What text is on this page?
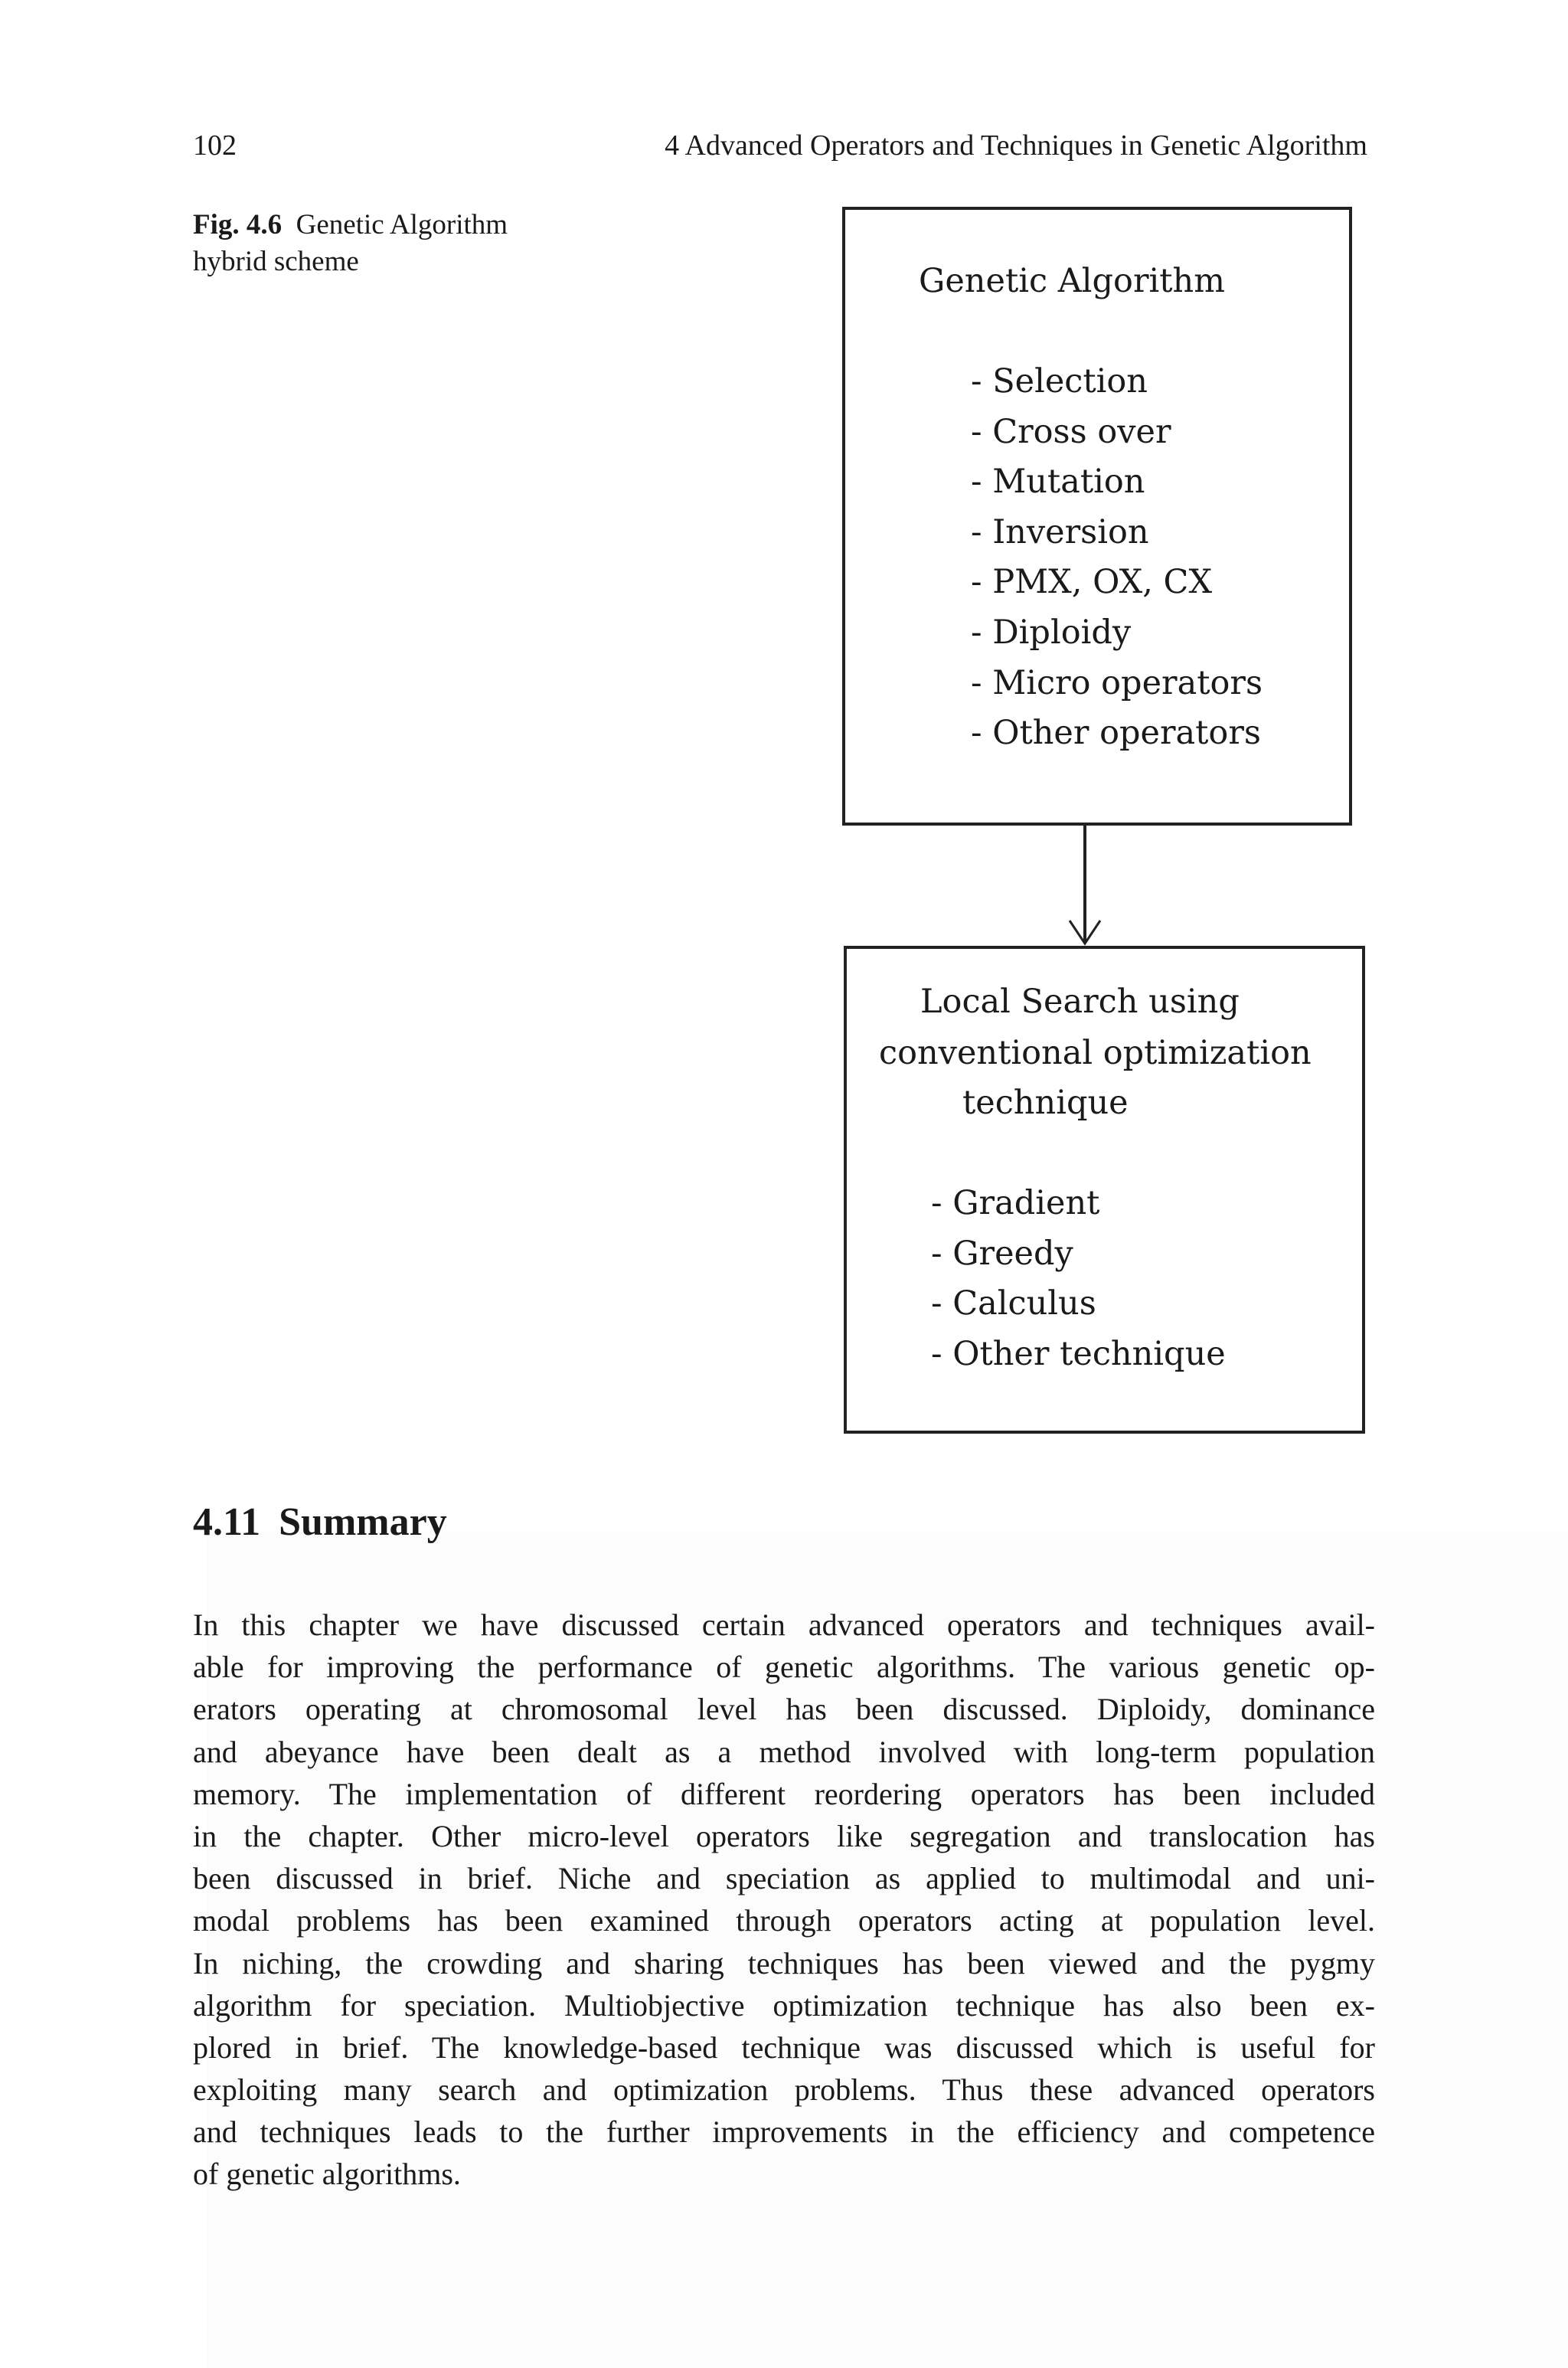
102	4 Advanced Operators and Techniques in Genetic Algorithm
Fig. 4.6 Genetic Algorithm
hybrid scheme
Genetic Algorithm
- Selection
- Cross over
- Mutation
- Inversion
- PMX, OX, CX
- Diploidy
- Micro operators
- Other operators
Local Search using
conventional optimization
technique
- Gradient
- Greedy
- Calculus
- Other technique
4.11 Summary
In this chapter we have discussed certain advanced operators and techniques avail-
able for improving the performance of genetic algorithms. The various genetic op-
erators operating at chromosomal level has been discussed. Diploidy, dominance
and abeyance have been dealt as a method involved with long-term population
memory. The implementation of different reordering operators has been included
in the chapter. Other micro-level operators like segregation and translocation has
been discussed in brief. Niche and speciation as applied to multimodal and uni-
modal problems has been examined through operators acting at population level.
In niching, the crowding and sharing techniques has been viewed and the pygmy
algorithm for speciation. Multiobjective optimization technique has also been ex-
plored in brief. The knowledge-based technique was discussed which is useful for
exploiting many search and optimization problems. Thus these advanced operators
and techniques leads to the further improvements in the efficiency and competence
of genetic algorithms.
